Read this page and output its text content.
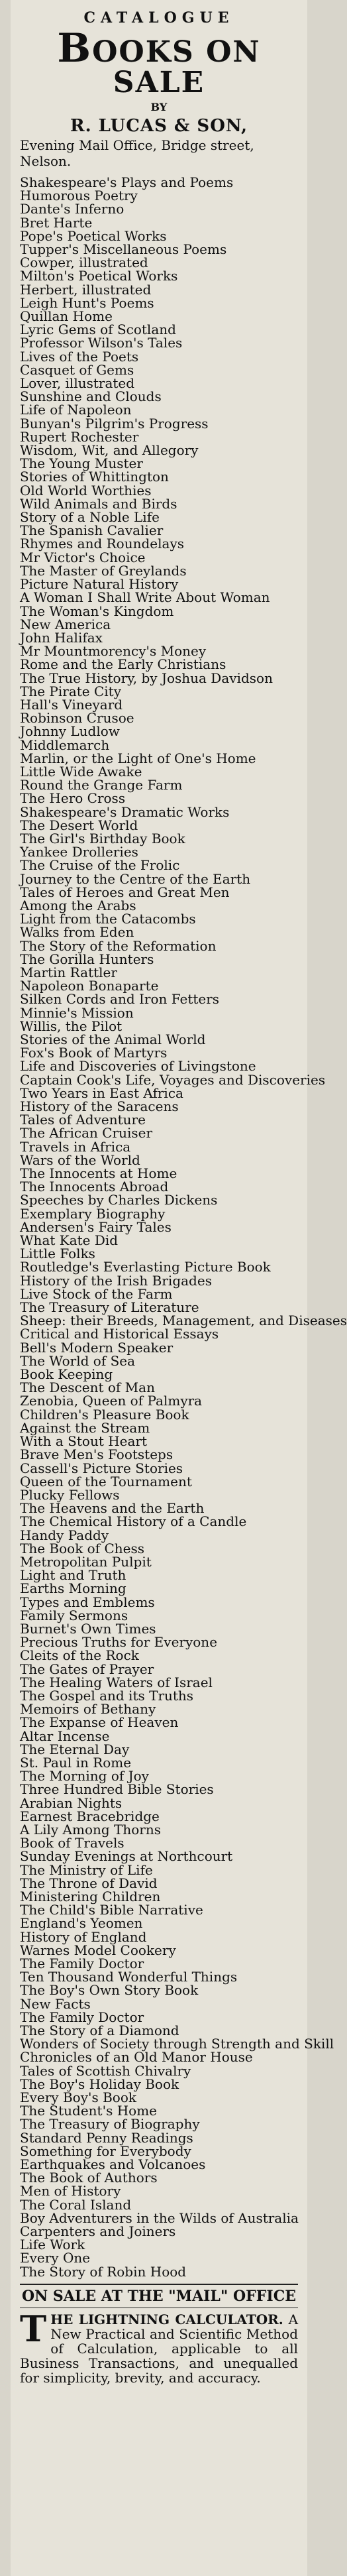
CATALOGUE
BOOKS ON SALE
BY
R. LUCAS & SON,
Evening Mail Office, Bridge street, Nelson.
Shakespeare's Plays and Poems
Humorous Poetry
Dante's Inferno
Bret Harte
Pope's Poetical Works
Tupper's Miscellaneous Poems
Cowper, illustrated
Milton's Poetical Works
Herbert, illustrated
Leigh Hunt's Poems
Quillan Home
Lyric Gems of Scotland
Professor Wilson's Tales
Lives of the Poets
Casquet of Gems
Lover, illustrated
Sunshine and Clouds
Life of Napoleon
Bunyan's Pilgrim's Progress
Rupert Rochester
Wisdom, Wit, and Allegory
The Young Muster
Stories of Whittington
Old World Worthies
Wild Animals and Birds
Story of a Noble Life
The Spanish Cavalier
Rhymes and Roundelays
Mr Victor's Choice
The Master of Greylands
Picture Natural History
A Woman I Shall Write About Woman
The Woman's Kingdom
New America
John Halifax
Mr Mountmorency's Money
Rome and the Early Christians
The True History, by Joshua Davidson
The Pirate City
Hall's Vineyard
Robinson Crusoe
Johnny Ludlow
Middlemarch
Marlin, or the Light of One's Home
Little Wide Awake
Round the Grange Farm
The Hero Cross
Shakespeare's Dramatic Works
The Desert World
The Girl's Birthday Book
Yankee Drolleries
The Cruise of the Frolic
Journey to the Centre of the Earth
Tales of Heroes and Great Men
Among the Arabs
Light from the Catacombs
Walks from Eden
The Story of the Reformation
The Gorilla Hunters
Martin Rattler
Napoleon Bonaparte
Silken Cords and Iron Fetters
Minnie's Mission
Willis, the Pilot
Stories of the Animal World
Fox's Book of Martyrs
Life and Discoveries of Livingstone
Captain Cook's Life, Voyages and Discoveries
Two Years in East Africa
History of the Saracens
Tales of Adventure
The African Cruiser
Travels in Africa
Wars of the World
The Innocents at Home
The Innocents Abroad
Speeches by Charles Dickens
Exemplary Biography
Andersen's Fairy Tales
What Kate Did
Little Folks
Routledge's Everlasting Picture Book
History of the Irish Brigades
Live Stock of the Farm
The Treasury of Literature
Sheep: their Breeds, Management, and Diseases
Critical and Historical Essays
Bell's Modern Speaker
The World of Sea
Book Keeping
The Descent of Man
Zenobia, Queen of Palmyra
Children's Pleasure Book
Against the Stream
With a Stout Heart
Brave Men's Footsteps
Cassell's Picture Stories
Queen of the Tournament
Plucky Fellows
The Heavens and the Earth
The Chemical History of a Candle
Handy Paddy
The Book of Chess
Metropolitan Pulpit
Light and Truth
Earths Morning
Types and Emblems
Family Sermons
Burnet's Own Times
Precious Truths for Everyone
Cleits of the Rock
The Gates of Prayer
The Healing Waters of Israel
The Gospel and its Truths
Memoirs of Bethany
The Expanse of Heaven
Altar Incense
The Eternal Day
St. Paul in Rome
The Morning of Joy
Three Hundred Bible Stories
Arabian Nights
Earnest Bracebridge
A Lily Among Thorns
Book of Travels
Sunday Evenings at Northcourt
The Ministry of Life
The Throne of David
Ministering Children
The Child's Bible Narrative
England's Yeomen
History of England
Warnes Model Cookery
The Family Doctor
Ten Thousand Wonderful Things
The Boy's Own Story Book
New Facts
The Family Doctor
The Story of a Diamond
Wonders of Society through Strength and Skill
Chronicles of an Old Manor House
Tales of Scottish Chivalry
The Boy's Holiday Book
Every Boy's Book
The Student's Home
The Treasury of Biography
Standard Penny Readings
Something for Everybody
Earthquakes and Volcanoes
The Book of Authors
Men of History
The Coral Island
Boy Adventurers in the Wilds of Australia
Carpenters and Joiners
Life Work
Every One
The Story of Robin Hood
ON SALE AT THE "MAIL" OFFICE
T HE LIGHTNING CALCULATOR. A New Practical and Scientific Method of Calculation, applicable to all Business Transactions, and unequalled for simplicity, brevity, and accuracy.
